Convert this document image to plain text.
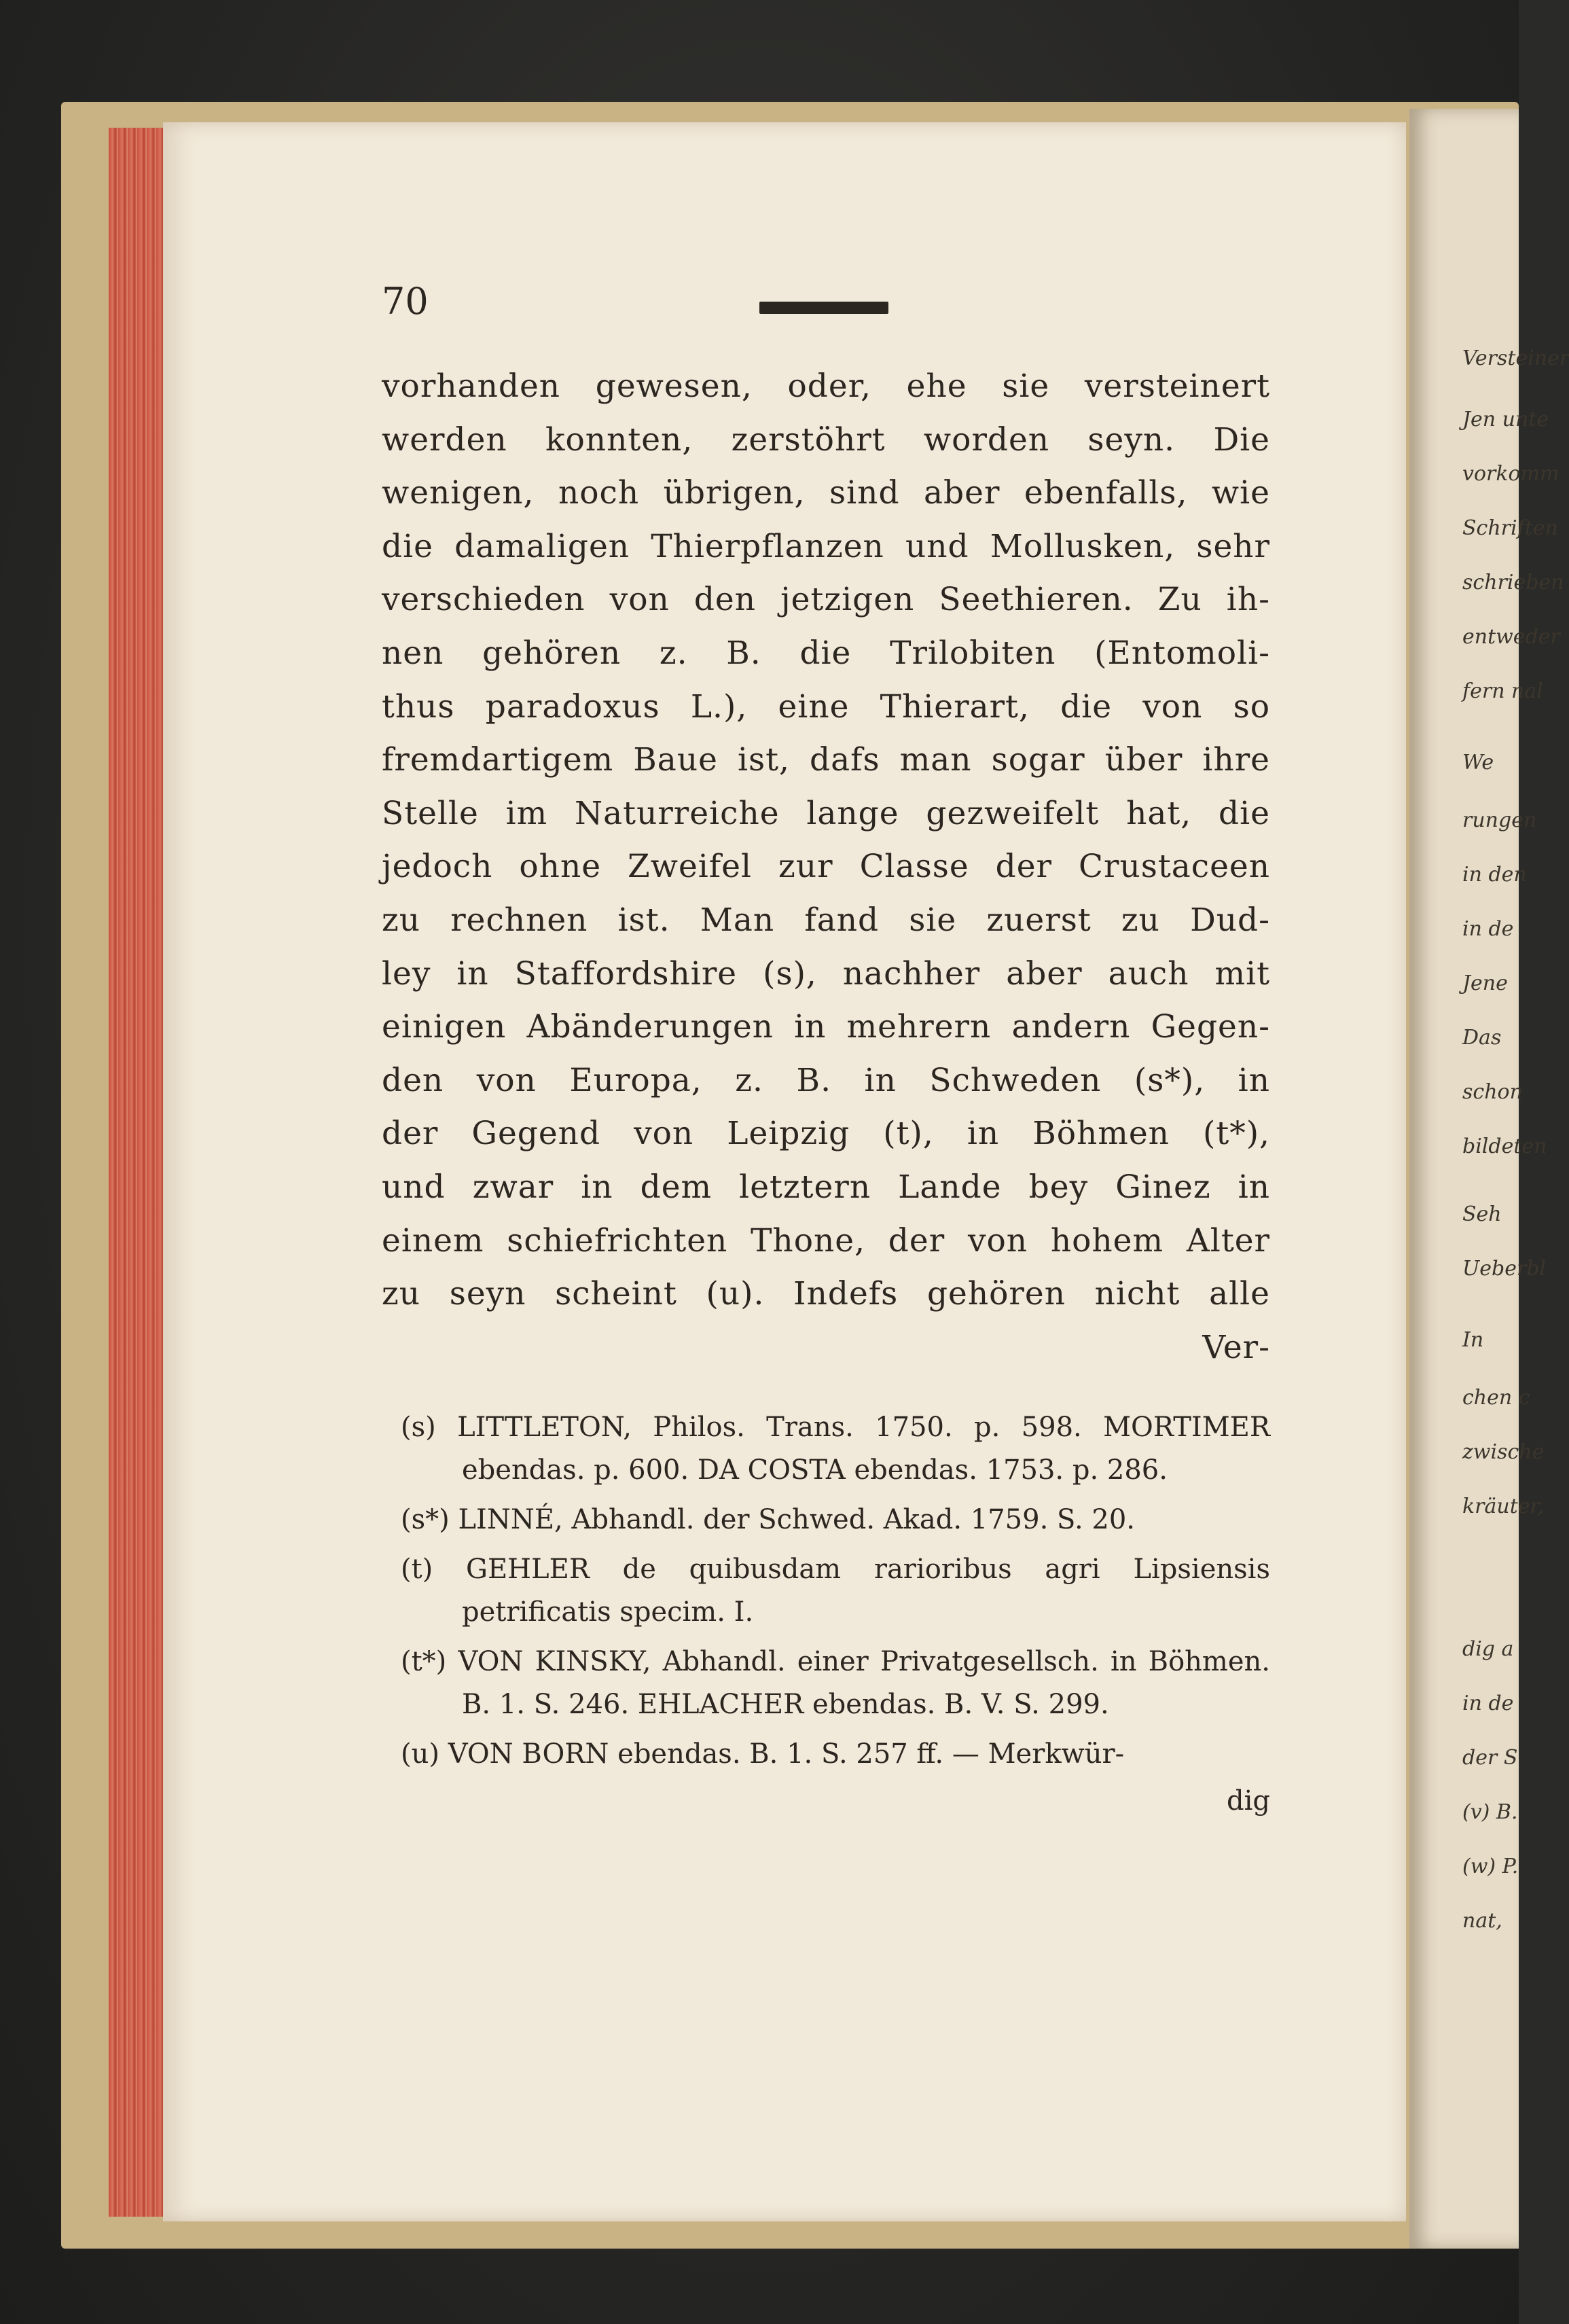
Versteiner
Jen unte
vorkomm
Schriften
schrieben
entweder
fern nal
We
rungen
in den
in de
Jene
Das
schon
bildeten
Seh
Ueberbl
In
chen c
zwische
kräuter,
dig a
in de
der S
(v) B.
(w) P.
nat,
70
vorhanden gewesen, oder, ehe sie versteinert
werden konnten, zerstöhrt worden seyn. Die
wenigen, noch übrigen, sind aber ebenfalls, wie
die damaligen Thierpflanzen und Mollusken, sehr
verschieden von den jetzigen Seethieren. Zu ih-
nen gehören z. B. die Trilobiten (Entomoli-
thus paradoxus L.), eine Thierart, die von so
fremdartigem Baue ist, dafs man sogar über ihre
Stelle im Naturreiche lange gezweifelt hat, die
jedoch ohne Zweifel zur Classe der Crustaceen
zu rechnen ist. Man fand sie zuerst zu Dud-
ley in Staffordshire (s), nachher aber auch mit
einigen Abänderungen in mehrern andern Gegen-
den von Europa, z. B. in Schweden (s*), in
der Gegend von Leipzig (t), in Böhmen (t*),
und zwar in dem letztern Lande bey Ginez in
einem schiefrichten Thone, der von hohem Alter
zu seyn scheint (u). Indefs gehören nicht alle
Ver-
(s) LITTLETON, Philos. Trans. 1750. p. 598. MORTIMER ebendas. p. 600. DA COSTA ebendas. 1753. p. 286.
(s*) LINNÉ, Abhandl. der Schwed. Akad. 1759. S. 20.
(t) GEHLER de quibusdam rarioribus agri Lipsiensis petrificatis specim. I.
(t*) VON KINSKY, Abhandl. einer Privatgesellsch. in Böhmen. B. 1. S. 246. EHLACHER ebendas. B. V. S. 299.
(u) VON BORN ebendas. B. 1. S. 257 ff. — Merkwür-
dig
